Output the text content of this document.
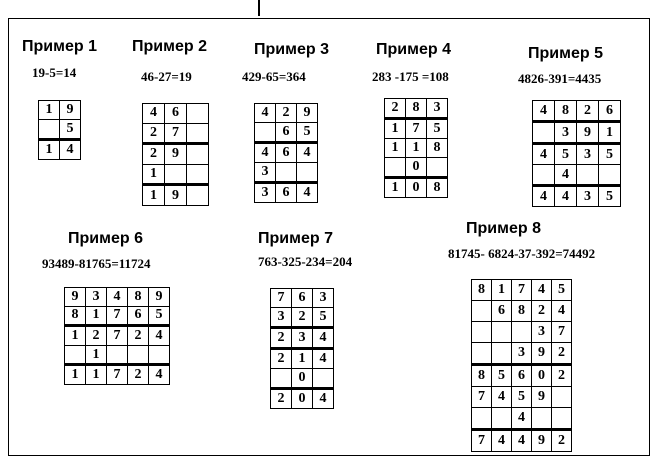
Пример 1
19-5=14
1	9
	5
1	4
Пример 2
46-27=19
4	6	
2	7	
2	9	
1		
1	9	
Пример 3
429-65=364
4	2	9
	6	5
4	6	4
3		
3	6	4
Пример 4
283 -175 =108
2	8	3
1	7	5
1	1	8
	0	
1	0	8
Пример 5
4826-391=4435
4	8	2	6
	3	9	1
4	5	3	5
	4		
4	4	3	5
Пример 6
93489-81765=11724
9	3	4	8	9
8	1	7	6	5
1	2	7	2	4
	1			
1	1	7	2	4
Пример 7
763-325-234=204
7	6	3
3	2	5
2	3	4
2	1	4
	0	
2	0	4
Пример 8
81745- 6824-37-392=74492
8	1	7	4	5
	6	8	2	4
			3	7
		3	9	2
8	5	6	0	2
7	4	5	9	
		4		
7	4	4	9	2
